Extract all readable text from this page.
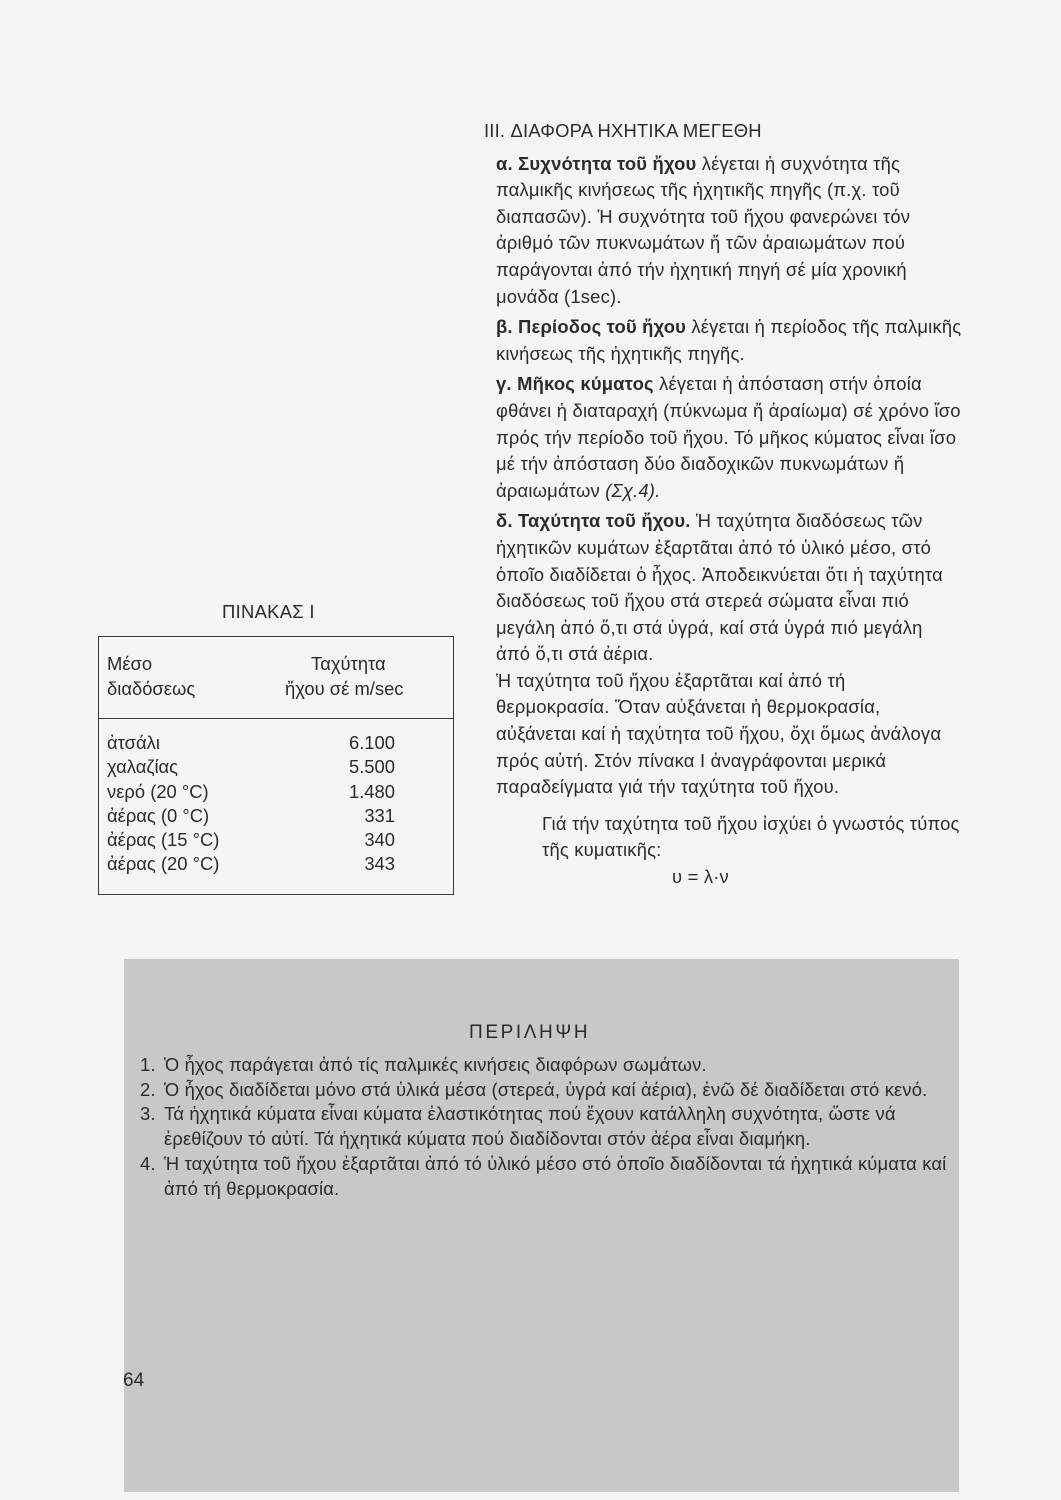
III. ΔΙΑΦΟΡΑ ΗΧΗΤΙΚΑ ΜΕΓΕΘΗ

α. Συχνότητα τοῦ ἤχου λέγεται ἡ συχνότητα τῆς παλμικῆς κινήσεως τῆς ἠχητικῆς πηγῆς (π.χ. τοῦ διαπασῶν). Ἡ συχνότητα τοῦ ἤχου φανερώνει τόν ἀριθμό τῶν πυκνωμάτων ἤ τῶν ἀραιωμάτων πού παράγονται ἀπό τήν ἠχητική πηγή σέ μία χρονική μονάδα (1sec).

β. Περίοδος τοῦ ἤχου λέγεται ἡ περίοδος τῆς παλμικῆς κινήσεως τῆς ἠχητικῆς πηγῆς.

γ. Μῆκος κύματος λέγεται ἡ ἀπόσταση στήν ὁποία φθάνει ἡ διαταραχή (πύκνωμα ἤ ἀραίωμα) σέ χρόνο ἴσο πρός τήν περίοδο τοῦ ἤχου. Τό μῆκος κύματος εἶναι ἴσο μέ τήν ἀπόσταση δύο διαδοχικῶν πυκνωμάτων ἤ ἀραιωμάτων (Σχ.4).

δ. Ταχύτητα τοῦ ἤχου. Ἡ ταχύτητα διαδόσεως τῶν ἠχητικῶν κυμάτων ἐξαρτᾶται ἀπό τό ὑλικό μέσο, στό ὁποῖο διαδίδεται ὁ ἦχος. Ἀποδεικνύεται ὅτι ἡ ταχύτητα διαδόσεως τοῦ ἤχου στά στερεά σώματα εἶναι πιό μεγάλη ἀπό ὅ,τι στά ὑγρά, καί στά ὑγρά πιό μεγάλη ἀπό ὅ,τι στά ἀέρια.

Ἡ ταχύτητα τοῦ ἤχου ἐξαρτᾶται καί ἀπό τή θερμοκρασία. Ὅταν αὐξάνεται ἡ θερμοκρασία, αὐξάνεται καί ἡ ταχύτητα τοῦ ἤχου, ὄχι ὅμως ἀνάλογα πρός αὐτή. Στόν πίνακα Ι ἀναγράφονται μερικά παραδείγματα γιά τήν ταχύτητα τοῦ ἤχου.

Γιά τήν ταχύτητα τοῦ ἤχου ἰσχύει ὁ γνωστός τύπος τῆς κυματικῆς:

υ = λ·ν

ΠΙΝΑΚΑΣ Ι
Μέσο
διαδόσεως
Ταχύτητα
ἤχου σέ m/sec
ἀτσάλι
χαλαζίας
νερό (20 °C)
ἀέρας (0 °C)
ἀέρας (15 °C)
ἀέρας (20 °C)
6.100
5.500
1.480
331
340
343
ΠΕΡΙΛΗΨΗ
1. Ὁ ἦχος παράγεται ἀπό τίς παλμικές κινήσεις διαφόρων σωμάτων.
2. Ὁ ἦχος διαδίδεται μόνο στά ὑλικά μέσα (στερεά, ὑγρά καί ἀέρια), ἐνῶ δέ διαδίδεται στό κενό.
3. Τά ἠχητικά κύματα εἶναι κύματα ἐλαστικότητας πού ἔχουν κατάλληλη συχνότητα, ὥστε νά ἐρεθίζουν τό αὐτί. Τά ἠχητικά κύματα πού διαδίδονται στόν ἀέρα εἶναι διαμήκη.
4. Ἡ ταχύτητα τοῦ ἤχου ἐξαρτᾶται ἀπό τό ὑλικό μέσο στό ὁποῖο διαδίδονται τά ἠχητικά κύματα καί ἀπό τή θερμοκρασία.
64
